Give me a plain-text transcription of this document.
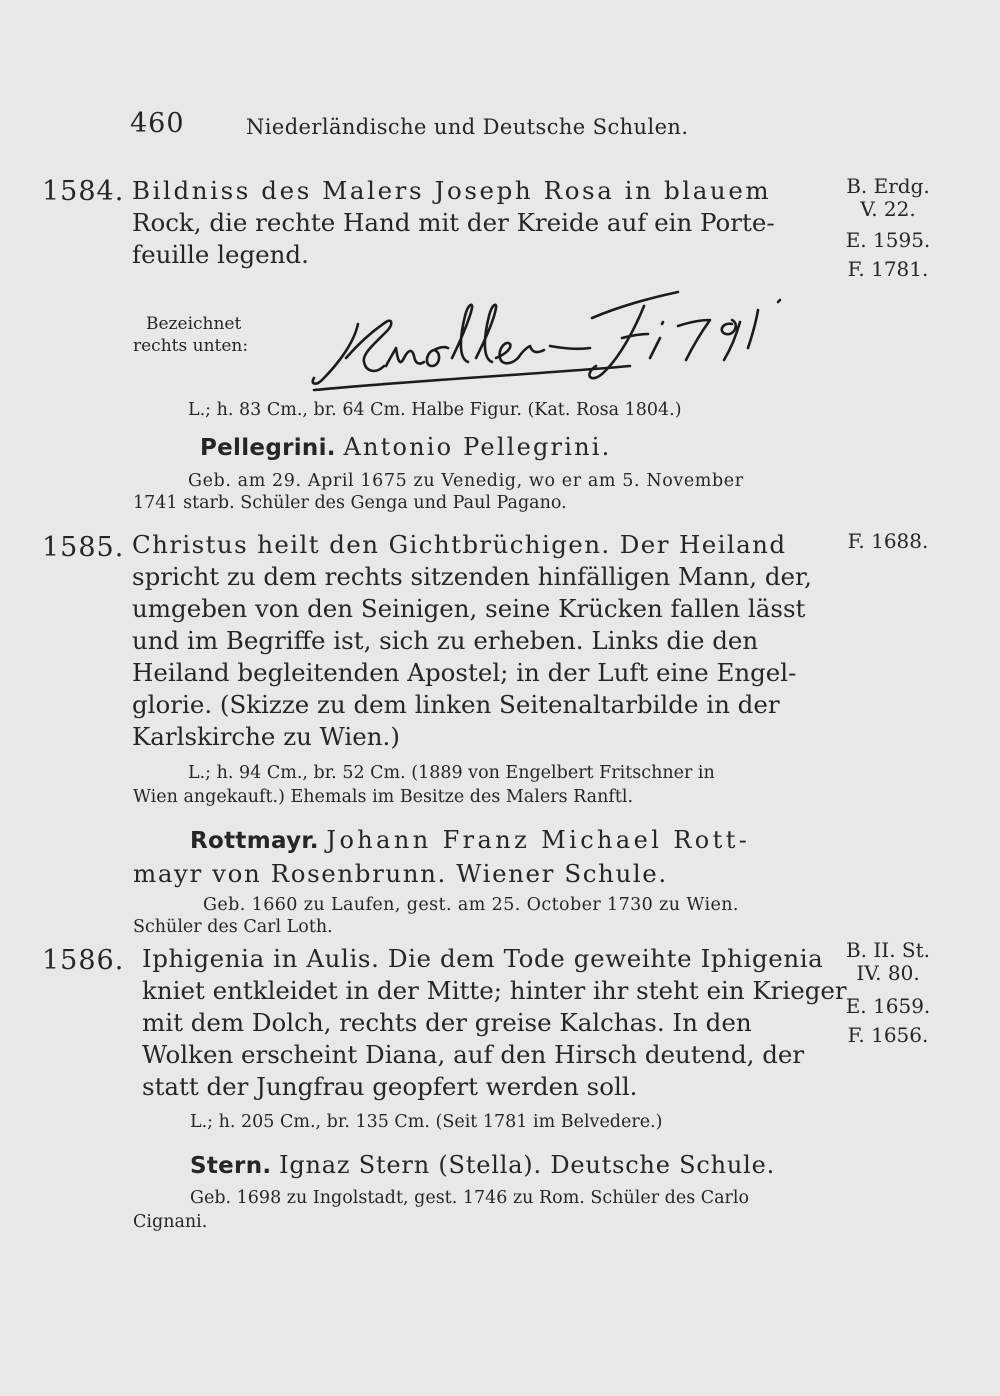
460	Niederländische und Deutsche Schulen.
1584. Bildniss des Malers Joseph Rosa in blauem
Rock, die rechte Hand mit der Kreide auf ein Porte-
feuille legend.
B. Erdg.
V. 22.
E. 1595.
F. 1781.
Bezeichnet
rechts unten:
L.; h. 83 Cm., br. 64 Cm. Halbe Figur. (Kat. Rosa 1804.)
Pellegrini. Antonio Pellegrini.
Geb. am 29. April 1675 zu Venedig, wo er am 5. November
1741 starb. Schüler des Genga und Paul Pagano.
1585. Christus heilt den Gichtbrüchigen. Der Heiland
spricht zu dem rechts sitzenden hinfälligen Mann, der,
umgeben von den Seinigen, seine Krücken fallen lässt
und im Begriffe ist, sich zu erheben. Links die den
Heiland begleitenden Apostel; in der Luft eine Engel-
glorie. (Skizze zu dem linken Seitenaltarbilde in der
Karlskirche zu Wien.)
F. 1688.
L.; h. 94 Cm., br. 52 Cm. (1889 von Engelbert Fritschner in
Wien angekauft.) Ehemals im Besitze des Malers Ranftl.
Rottmayr. Johann Franz Michael Rott-
mayr von Rosenbrunn. Wiener Schule.
Geb. 1660 zu Laufen, gest. am 25. October 1730 zu Wien.
Schüler des Carl Loth.
1586. Iphigenia in Aulis. Die dem Tode geweihte Iphigenia
kniet entkleidet in der Mitte; hinter ihr steht ein Krieger
mit dem Dolch, rechts der greise Kalchas. In den
Wolken erscheint Diana, auf den Hirsch deutend, der
statt der Jungfrau geopfert werden soll.
B. II. St.
IV. 80.
E. 1659.
F. 1656.
L.; h. 205 Cm., br. 135 Cm. (Seit 1781 im Belvedere.)
Stern. Ignaz Stern (Stella). Deutsche Schule.
Geb. 1698 zu Ingolstadt, gest. 1746 zu Rom. Schüler des Carlo
Cignani.
